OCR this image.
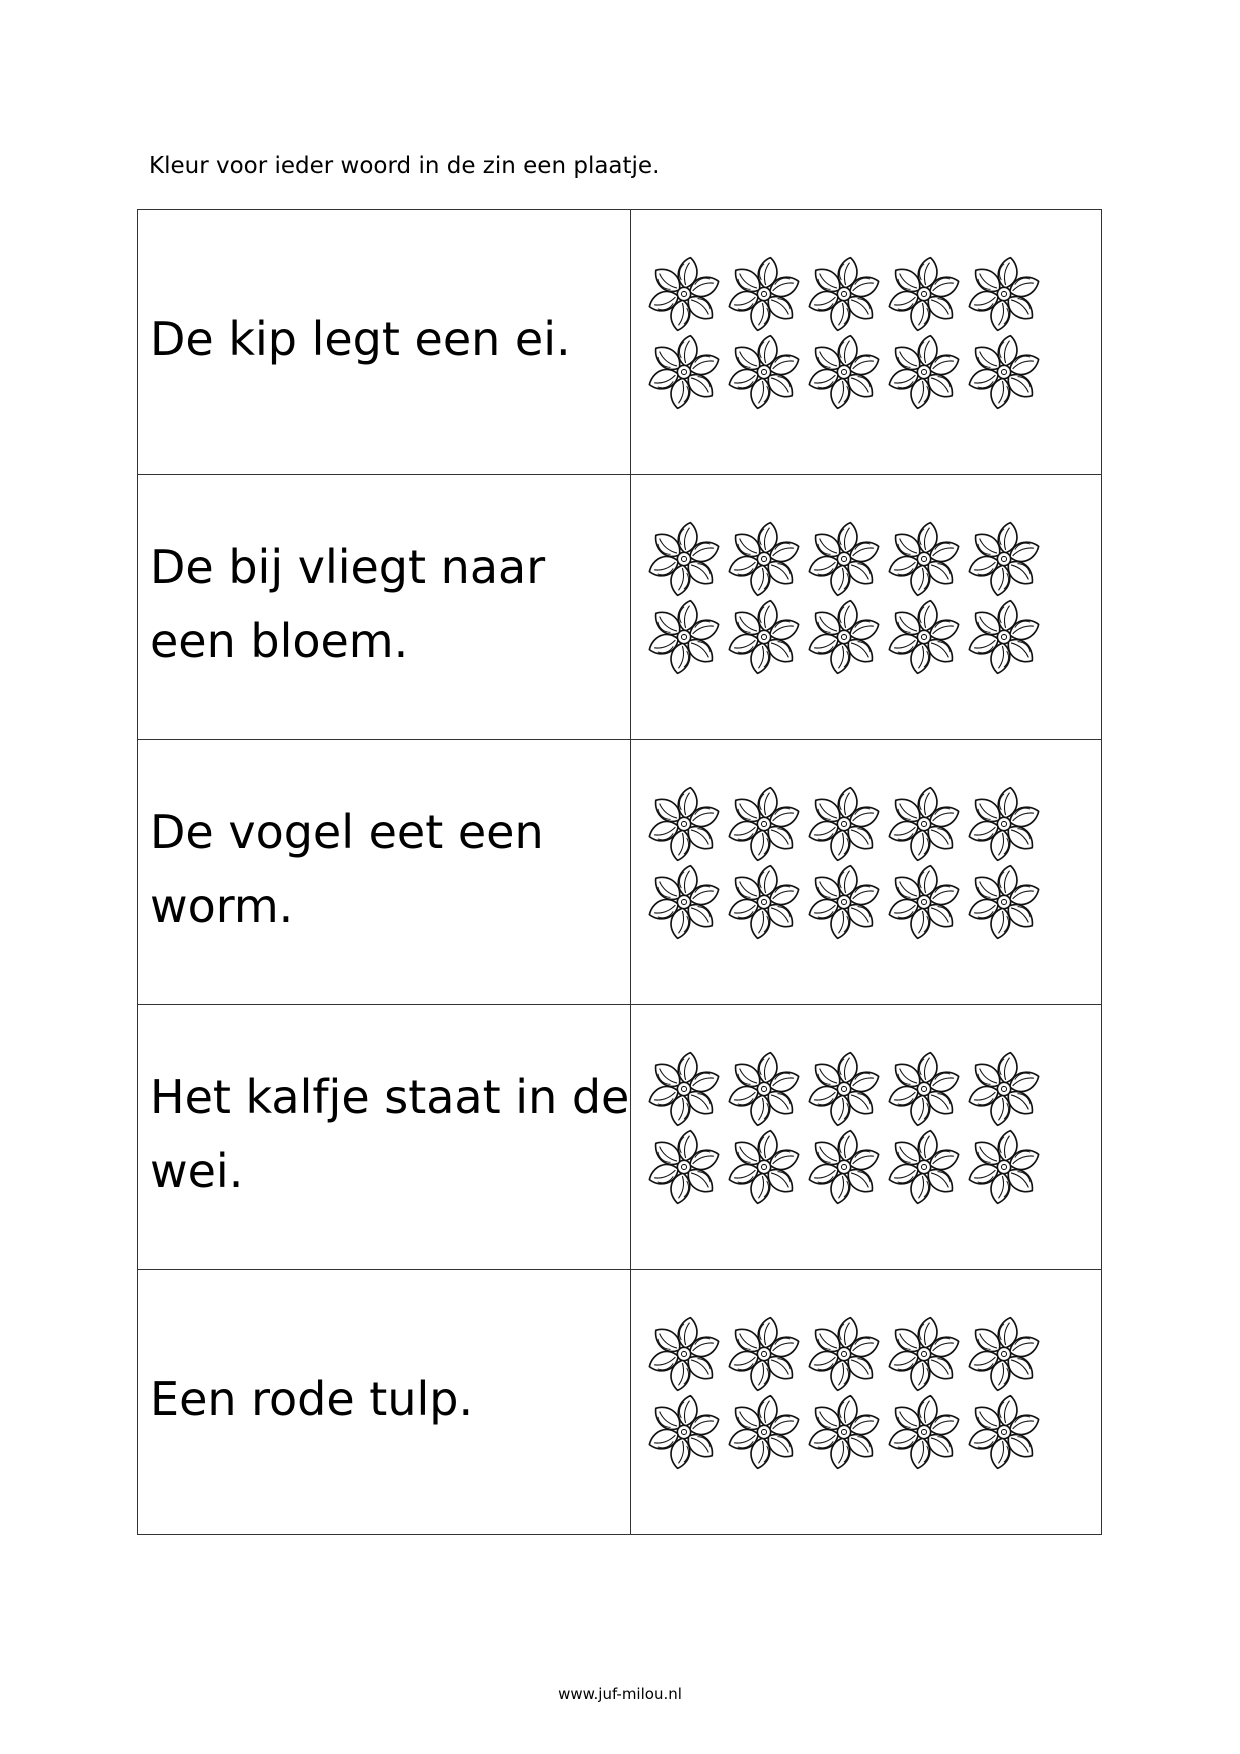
Kleur voor ieder woord in de zin een plaatje.
De kip legt een ei.

De bij vliegt naar een bloem.

De vogel eet een worm.

Het kalfje staat in de wei.

Een rode tulp.

www.juf-milou.nl
